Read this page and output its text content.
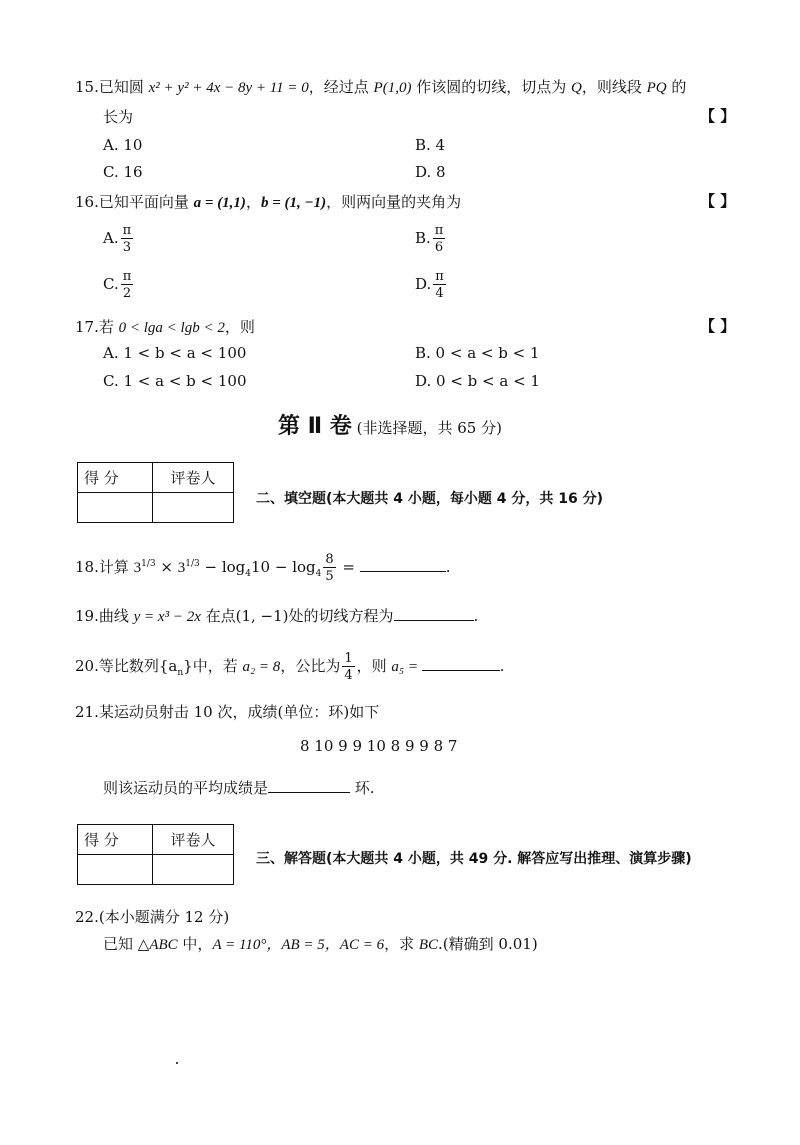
15.已知圆 x² + y² + 4x − 8y + 11 = 0，经过点 P(1,0) 作该圆的切线，切点为 Q，则线段 PQ 的
长为	【 】
A. 10	B. 4
C. 16	D. 8
16.已知平面向量 a = (1,1)，b = (1, −1)，则两向量的夹角为	【 】
A. $\frac{\pi}{3}$	B. $\frac{\pi}{6}$
C. $\frac{\pi}{2}$	D. $\frac{\pi}{4}$
17.若 0 < lga < lgb < 2，则	【 】
A. 1 < b < a < 100	B. 0 < a < b < 1
C. 1 < a < b < 100	D. 0 < b < a < 1
第 Ⅱ 卷 (非选择题，共 65 分)
得 分	评卷人

二、填空题(本大题共 4 小题，每小题 4 分，共 16 分)
18.计算 $3^{1/3} \times 3^{1/3} - \log_410 - \log_4 \frac{8}{5}$ =	.
19.曲线 y = x³ − 2x 在点(1, −1)处的切线方程为	.
20.等比数列$\{a_n\}$中，若 a₂ = 8，公比为 $\frac{1}{4}$ ，则 a₅ =	.
21.某运动员射击 10 次，成绩(单位：环)如下
8 10 9 9 10 8 9 9 8 7
则该运动员的平均成绩是	环.
得 分	评卷人

三、解答题(本大题共 4 小题，共 49 分. 解答应写出推理、演算步骤)
22.(本小题满分 12 分)
已知 △ABC 中，A = 110°，AB = 5，AC = 6，求 BC.(精确到 0.01)
